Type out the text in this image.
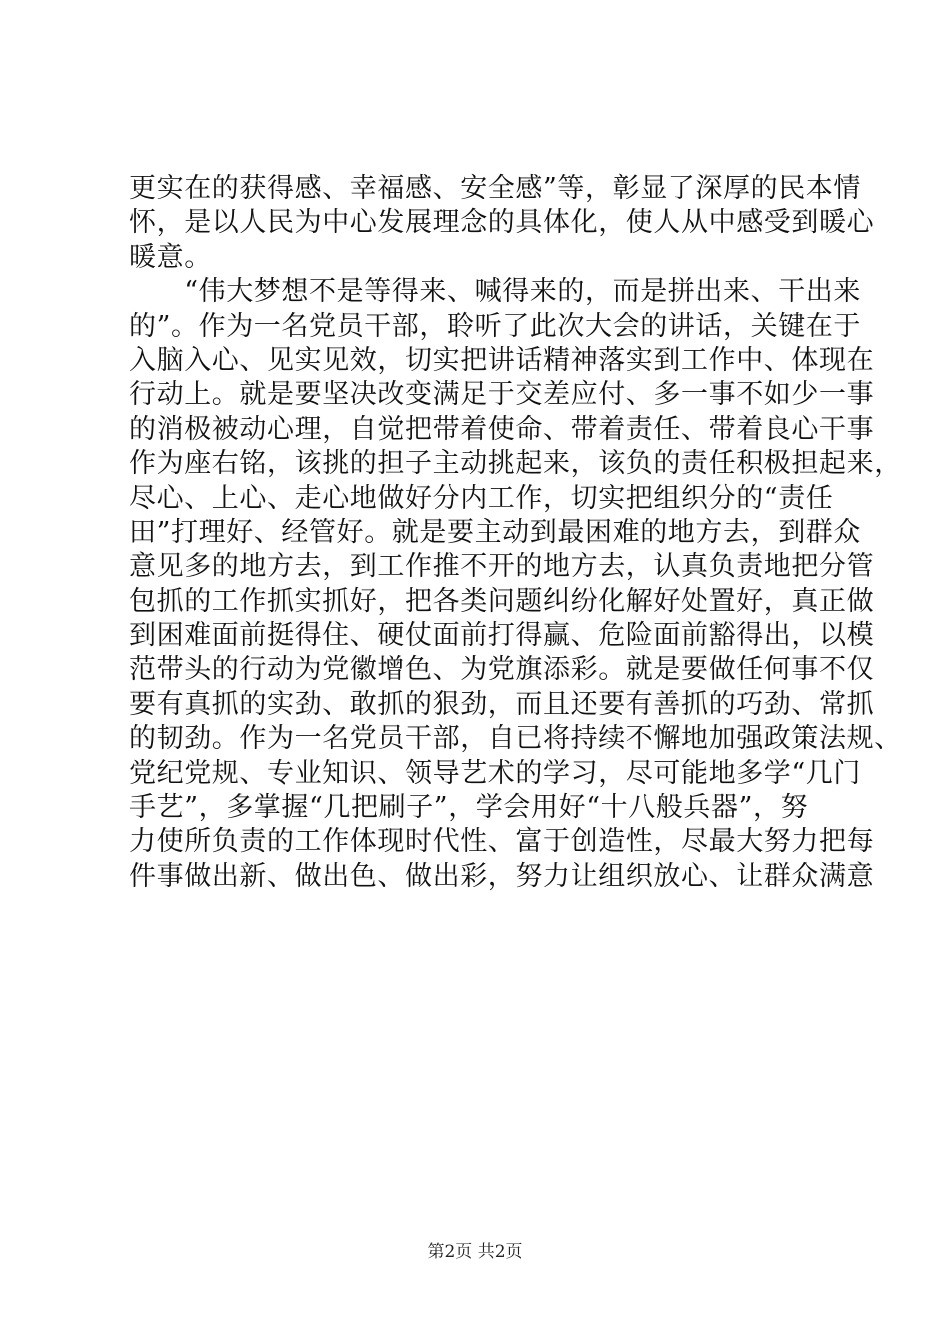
更实在的获得感、幸福感、安全感”等，彰显了深厚的民本情
怀，是以人民为中心发展理念的具体化，使人从中感受到暖心
暖意。
　　“伟大梦想不是等得来、喊得来的，而是拼出来、干出来
的”。作为一名党员干部，聆听了此次大会的讲话，关键在于
入脑入心、见实见效，切实把讲话精神落实到工作中、体现在
行动上。就是要坚决改变满足于交差应付、多一事不如少一事
的消极被动心理，自觉把带着使命、带着责任、带着良心干事
作为座右铭，该挑的担子主动挑起来，该负的责任积极担起来，
尽心、上心、走心地做好分内工作，切实把组织分的“责任
田”打理好、经管好。就是要主动到最困难的地方去，到群众
意见多的地方去，到工作推不开的地方去，认真负责地把分管
包抓的工作抓实抓好，把各类问题纠纷化解好处置好，真正做
到困难面前挺得住、硬仗面前打得赢、危险面前豁得出，以模
范带头的行动为党徽增色、为党旗添彩。就是要做任何事不仅
要有真抓的实劲、敢抓的狠劲，而且还要有善抓的巧劲、常抓
的韧劲。作为一名党员干部，自已将持续不懈地加强政策法规、
党纪党规、专业知识、领导艺术的学习，尽可能地多学“几门
手艺”，多掌握“几把刷子”，学会用好“十八般兵器”，努
力使所负责的工作体现时代性、富于创造性，尽最大努力把每
件事做出新、做出色、做出彩，努力让组织放心、让群众满意
第2页 共2页
